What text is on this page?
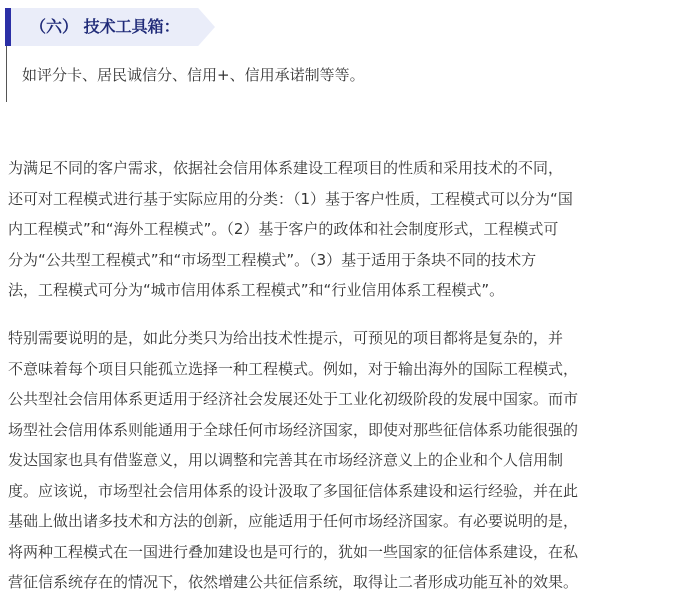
（六） 技术工具箱：
如评分卡、居民诚信分、信用+、信用承诺制等等。
为满足不同的客户需求，依据社会信用体系建设工程项目的性质和采用技术的不同，
还可对工程模式进行基于实际应用的分类：（1）基于客户性质，工程模式可以分为“国
内工程模式”和“海外工程模式”。（2）基于客户的政体和社会制度形式，工程模式可
分为“公共型工程模式”和“市场型工程模式”。（3）基于适用于条块不同的技术方
法，工程模式可分为“城市信用体系工程模式”和“行业信用体系工程模式”。
特别需要说明的是，如此分类只为给出技术性提示，可预见的项目都将是复杂的，并
不意味着每个项目只能孤立选择一种工程模式。例如，对于输出海外的国际工程模式，
公共型社会信用体系更适用于经济社会发展还处于工业化初级阶段的发展中国家。而市
场型社会信用体系则能通用于全球任何市场经济国家，即使对那些征信体系功能很强的
发达国家也具有借鉴意义，用以调整和完善其在市场经济意义上的企业和个人信用制
度。应该说，市场型社会信用体系的设计汲取了多国征信体系建设和运行经验，并在此
基础上做出诸多技术和方法的创新，应能适用于任何市场经济国家。有必要说明的是，
将两种工程模式在一国进行叠加建设也是可行的，犹如一些国家的征信体系建设，在私
营征信系统存在的情况下，依然增建公共征信系统，取得让二者形成功能互补的效果。
